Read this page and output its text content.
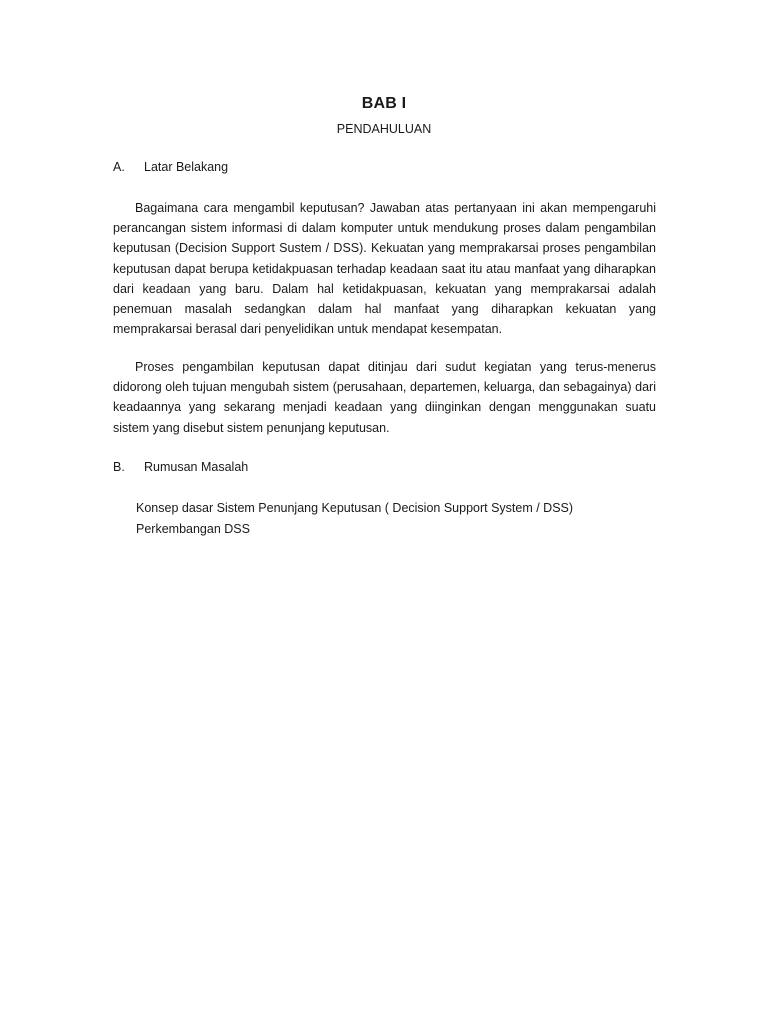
BAB I
PENDAHULUAN
A.	Latar Belakang

Bagaimana cara mengambil keputusan? Jawaban atas pertanyaan ini akan mempengaruhi perancangan sistem informasi di dalam komputer untuk mendukung proses dalam pengambilan keputusan (Decision Support Sustem / DSS). Kekuatan yang memprakarsai proses pengambilan keputusan dapat berupa ketidakpuasan terhadap keadaan saat itu atau manfaat yang diharapkan dari keadaan yang baru. Dalam hal ketidakpuasan, kekuatan yang memprakarsai adalah penemuan masalah sedangkan dalam hal manfaat yang diharapkan kekuatan yang memprakarsai berasal dari penyelidikan untuk mendapat kesempatan.

Proses pengambilan keputusan dapat ditinjau dari sudut kegiatan yang terus-menerus didorong oleh tujuan mengubah sistem (perusahaan, departemen, keluarga, dan sebagainya) dari keadaannya yang sekarang menjadi keadaan yang diinginkan dengan menggunakan suatu sistem yang disebut sistem penunjang keputusan.

B.	Rumusan Masalah
Konsep dasar Sistem Penunjang Keputusan ( Decision Support System / DSS)
Perkembangan DSS
